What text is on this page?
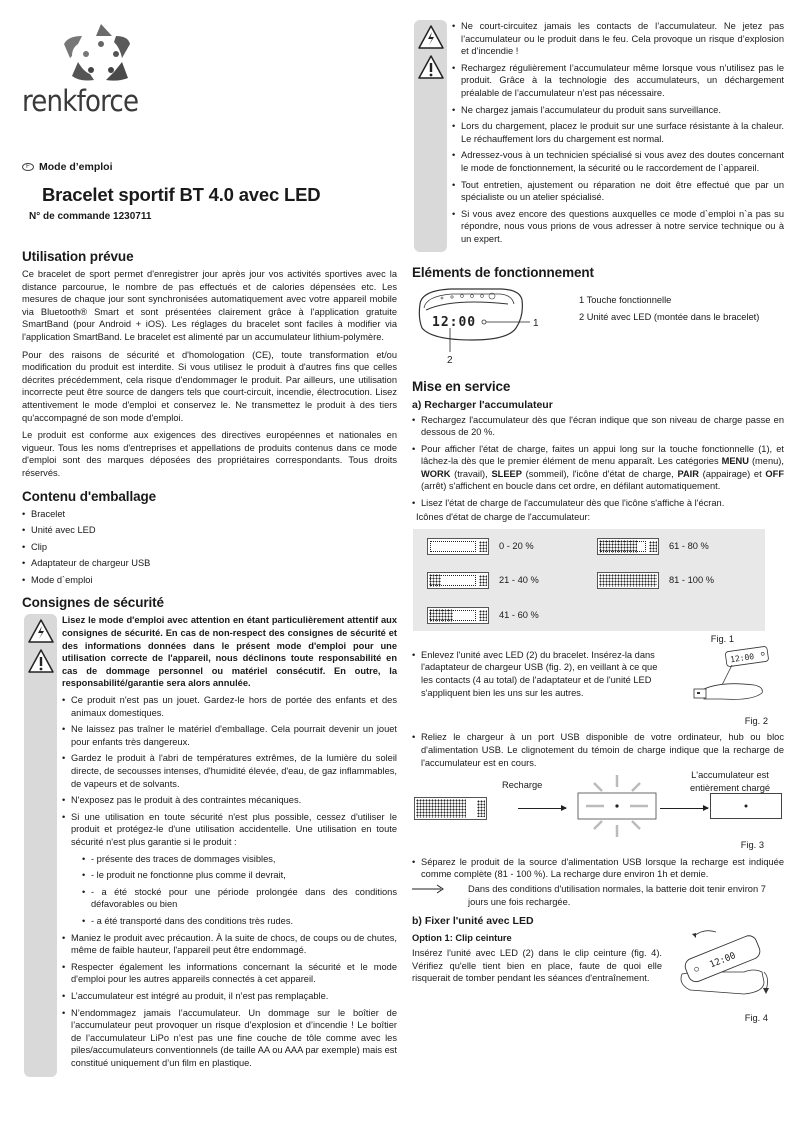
renkforce
F Mode d’emploi
Bracelet sportif BT 4.0 avec LED
N° de commande 1230711
Utilisation prévue

Ce bracelet de sport permet d'enregistrer jour après jour vos activités sportives avec la distance parcourue, le nombre de pas effectués et de calories dépensées etc. Les mesures de chaque jour sont synchronisées automatiquement avec votre appareil mobile via Bluetooth® Smart et sont présentées clairement grâce à l'application gratuite SmartBand (pour Android + iOS). Les réglages du bracelet sont faciles à modifier via l'application SmartBand. Le bracelet est alimenté par un accumulateur lithium-polymère.

Pour des raisons de sécurité et d'homologation (CE), toute transformation et/ou modification du produit est interdite. Si vous utilisez le produit à d'autres fins que celles décrites précédemment, cela risque d'endommager le produit. Par ailleurs, une utilisation incorrecte peut être source de dangers tels que court-circuit, incendie, électrocution. Lisez attentivement le mode d'emploi et conservez le. Ne transmettez le produit à des tiers qu'accompagné de son mode d'emploi.

Le produit est conforme aux exigences des directives européennes et nationales en vigueur. Tous les noms d'entreprises et appellations de produits contenus dans ce mode d'emploi sont des marques déposées des propriétaires correspondants. Tous droits réservés.

Contenu d'emballage
• Bracelet
• Unité avec LED
• Clip
• Adaptateur de chargeur USB
• Mode d`emploi
Consignes de sécurité

Lisez le mode d'emploi avec attention en étant particulièrement attentif aux consignes de sécurité. En cas de non-respect des consignes de sécurité et des informations données dans le présent mode d'emploi pour une utilisation correcte de l'appareil, nous déclinons toute responsabilité en cas de dommage personnel ou matériel consécutif. En outre, la responsabilité/garantie sera alors annulée.

• Ce produit n'est pas un jouet. Gardez-le hors de portée des enfants et des animaux domestiques.
• Ne laissez pas traîner le matériel d'emballage. Cela pourrait devenir un jouet pour enfants très dangereux.
• Gardez le produit à l'abri de températures extrêmes, de la lumière du soleil directe, de secousses intenses, d'humidité élevée, d'eau, de gaz inflammables, de vapeurs et de solvants.
• N'exposez pas le produit à des contraintes mécaniques.
• Si une utilisation en toute sécurité n'est plus possible, cessez d'utiliser le produit et protégez-le d'une utilisation accidentelle. Une utilisation en toute sécurité n'est plus garantie si le produit :
• - présente des traces de dommages visibles,
• - le produit ne fonctionne plus comme il devrait,
• - a été stocké pour une période prolongée dans des conditions défavorables ou bien
• - a été transporté dans des conditions très rudes.
• Maniez le produit avec précaution. À la suite de chocs, de coups ou de chutes, même de faible hauteur, l'appareil peut être endommagé.
• Respecter également les informations concernant la sécurité et le mode d'emploi pour les autres appareils connectés à cet appareil.
• L’accumulateur est intégré au produit, il n’est pas remplaçable.
• N’endommagez jamais l’accumulateur. Un dommage sur le boîtier de l’accumulateur peut provoquer un risque d’explosion et d’incendie ! Le boîtier de l’accumulateur LiPo n’est pas une fine couche de tôle comme avec les piles/accumulateurs conventionnels (de taille AA ou AAA par exemple) mais est constitué uniquement d’un film en plastique.
• Ne court-circuitez jamais les contacts de l’accumulateur. Ne jetez pas l’accumulateur ou le produit dans le feu. Cela provoque un risque d’explosion et d’incendie !
• Rechargez régulièrement l’accumulateur même lorsque vous n’utilisez pas le produit. Grâce à la technologie des accumulateurs, un déchargement préalable de l’accumulateur n’est pas nécessaire.
• Ne chargez jamais l’accumulateur du produit sans surveillance.
• Lors du chargement, placez le produit sur une surface résistante à la chaleur. Le réchauffement lors du chargement est normal.
• Adressez-vous à un technicien spécialisé si vous avez des doutes concernant le mode de fonctionnement, la sécurité ou le raccordement de l`appareil.
• Tout entretien, ajustement ou réparation ne doit être effectué que par un spécialiste ou un atelier spécialisé.
• Si vous avez encore des questions auxquelles ce mode d`emploi n`a pas su répondre, nous vous prions de vous adresser à notre service technique ou à un expert.
Eléments de fonctionnement
12:00	1
2
1 Touche fonctionnelle
2 Unité avec LED (montée dans le bracelet)
Mise en service
a) Recharger l'accumulateur
• Rechargez l'accumulateur dès que l'écran indique que son niveau de charge passe en dessous de 20 %.
• Pour afficher l'état de charge, faites un appui long sur la touche fonctionnelle (1), et lâchez-la dès que le premier élément de menu apparaît. Les catégories MENU (menu), WORK (travail), SLEEP (sommeil), l'icône d'état de charge, PAIR (appairage) et OFF (arrêt) s'affichent en boucle dans cet ordre, en défilant automatiquement.
• Lisez l'état de charge de l'accumulateur dès que l'icône s'affiche à l'écran.
Icônes d'état de charge de l'accumulateur:
0 - 20 %
21 - 40 %
41 - 60 %
61 - 80 %
81 - 100 %
Fig. 1
• Enlevez l'unité avec LED (2) du bracelet. Insérez-la dans l'adaptateur de chargeur USB (fig. 2), en veillant à ce que les contacts (4 au total) de l'adaptateur et de l'unité LED s'appliquent bien les uns sur les autres.
12:00
Fig. 2
• Reliez le chargeur à un port USB disponible de votre ordinateur, hub ou bloc d'alimentation USB. Le clignotement du témoin de charge indique que la recharge de l'accumulateur est en cours.
Recharge
L'accumulateur est
entièrement chargé
Fig. 3
• Séparez le produit de la source d'alimentation USB lorsque la recharge est indiquée comme complète (81 - 100 %). La recharge dure environ 1h et demie.
Dans des conditions d'utilisation normales, la batterie doit tenir environ 7 jours une fois rechargée.
b) Fixer l'unité avec LED
Option 1: Clip ceinture

Insérez l'unité avec LED (2) dans le clip ceinture (fig. 4). Vérifiez qu'elle tient bien en place, faute de quoi elle risquerait de tomber pendant les séances d'entraînement.

12:00
Fig. 4
